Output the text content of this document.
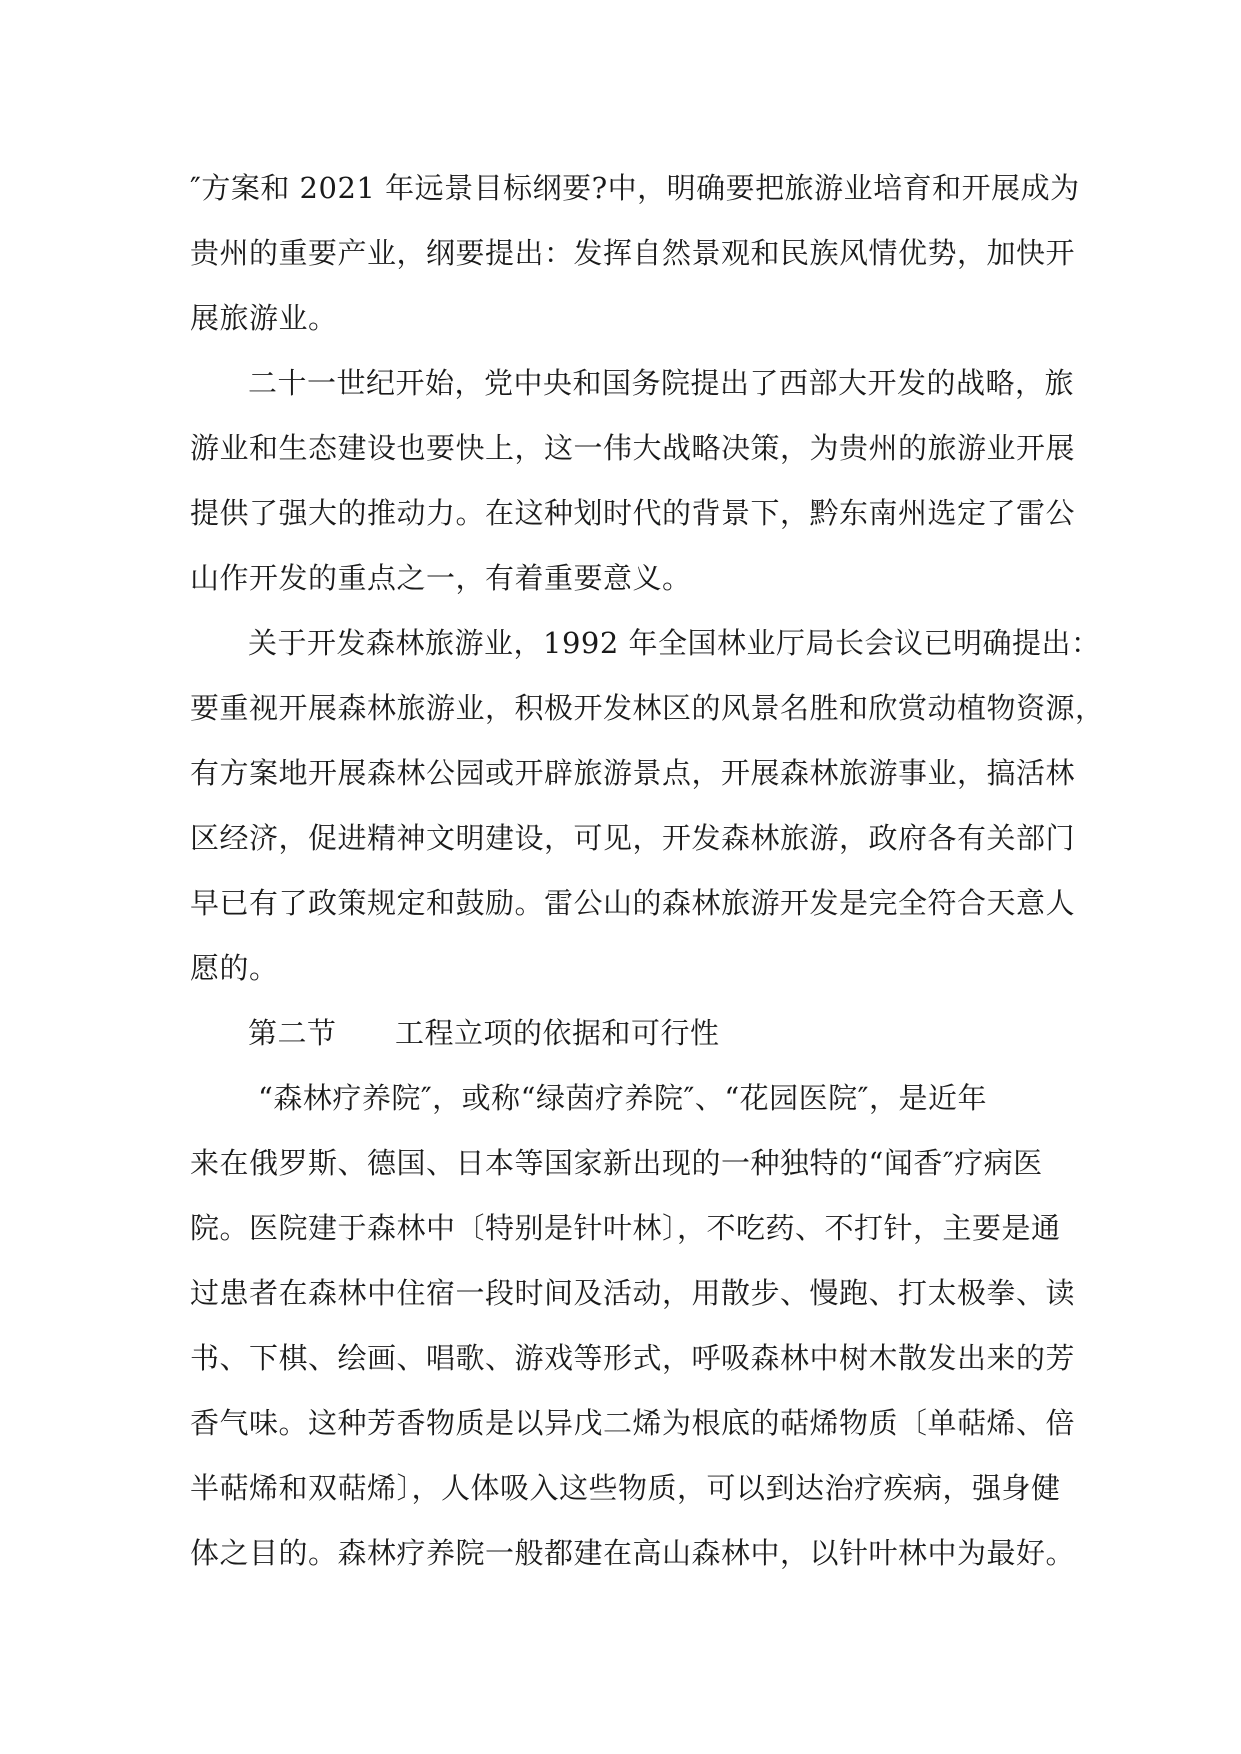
″方案和 2021 年远景目标纲要?中，明确要把旅游业培育和开展成为
贵州的重要产业，纲要提出：发挥自然景观和民族风情优势，加快开
展旅游业。
二十一世纪开始，党中央和国务院提出了西部大开发的战略，旅
游业和生态建设也要快上，这一伟大战略决策，为贵州的旅游业开展
提供了强大的推动力。在这种划时代的背景下，黔东南州选定了雷公
山作开发的重点之一，有着重要意义。
关于开发森林旅游业，1992 年全国林业厅局长会议已明确提出：
要重视开展森林旅游业，积极开发林区的风景名胜和欣赏动植物资源，
有方案地开展森林公园或开辟旅游景点，开展森林旅游事业，搞活林
区经济，促进精神文明建设，可见，开发森林旅游，政府各有关部门
早已有了政策规定和鼓励。雷公山的森林旅游开发是完全符合天意人
愿的。
第二节 工程立项的依据和可行性
“森林疗养院″，或称“绿茵疗养院″、“花园医院″，是近年
来在俄罗斯、德国、日本等国家新出现的一种独特的“闻香″疗病医
院。医院建于森林中〔特别是针叶林〕，不吃药、不打针，主要是通
过患者在森林中住宿一段时间及活动，用散步、慢跑、打太极拳、读
书、下棋、绘画、唱歌、游戏等形式，呼吸森林中树木散发出来的芳
香气味。这种芳香物质是以异戊二烯为根底的萜烯物质〔单萜烯、倍
半萜烯和双萜烯〕，人体吸入这些物质，可以到达治疗疾病，强身健
体之目的。森林疗养院一般都建在高山森林中，以针叶林中为最好。
